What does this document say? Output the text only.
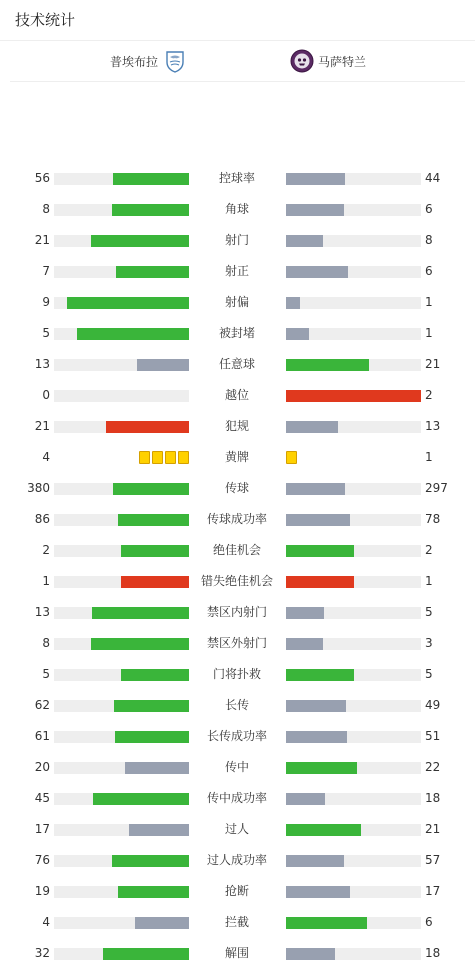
技术统计
普埃布拉	马萨特兰
56	控球率	44
8	角球	6
21	射门	8
7	射正	6
9	射偏	1
5	被封堵	1
13	任意球	21
0	越位	2
21	犯规	13
4	黄牌	1
380	传球	297
86	传球成功率	78
2	绝佳机会	2
1	错失绝佳机会	1
13	禁区内射门	5
8	禁区外射门	3
5	门将扑救	5
62	长传	49
61	长传成功率	51
20	传中	22
45	传中成功率	18
17	过人	21
76	过人成功率	57
19	抢断	17
4	拦截	6
32	解围	18
